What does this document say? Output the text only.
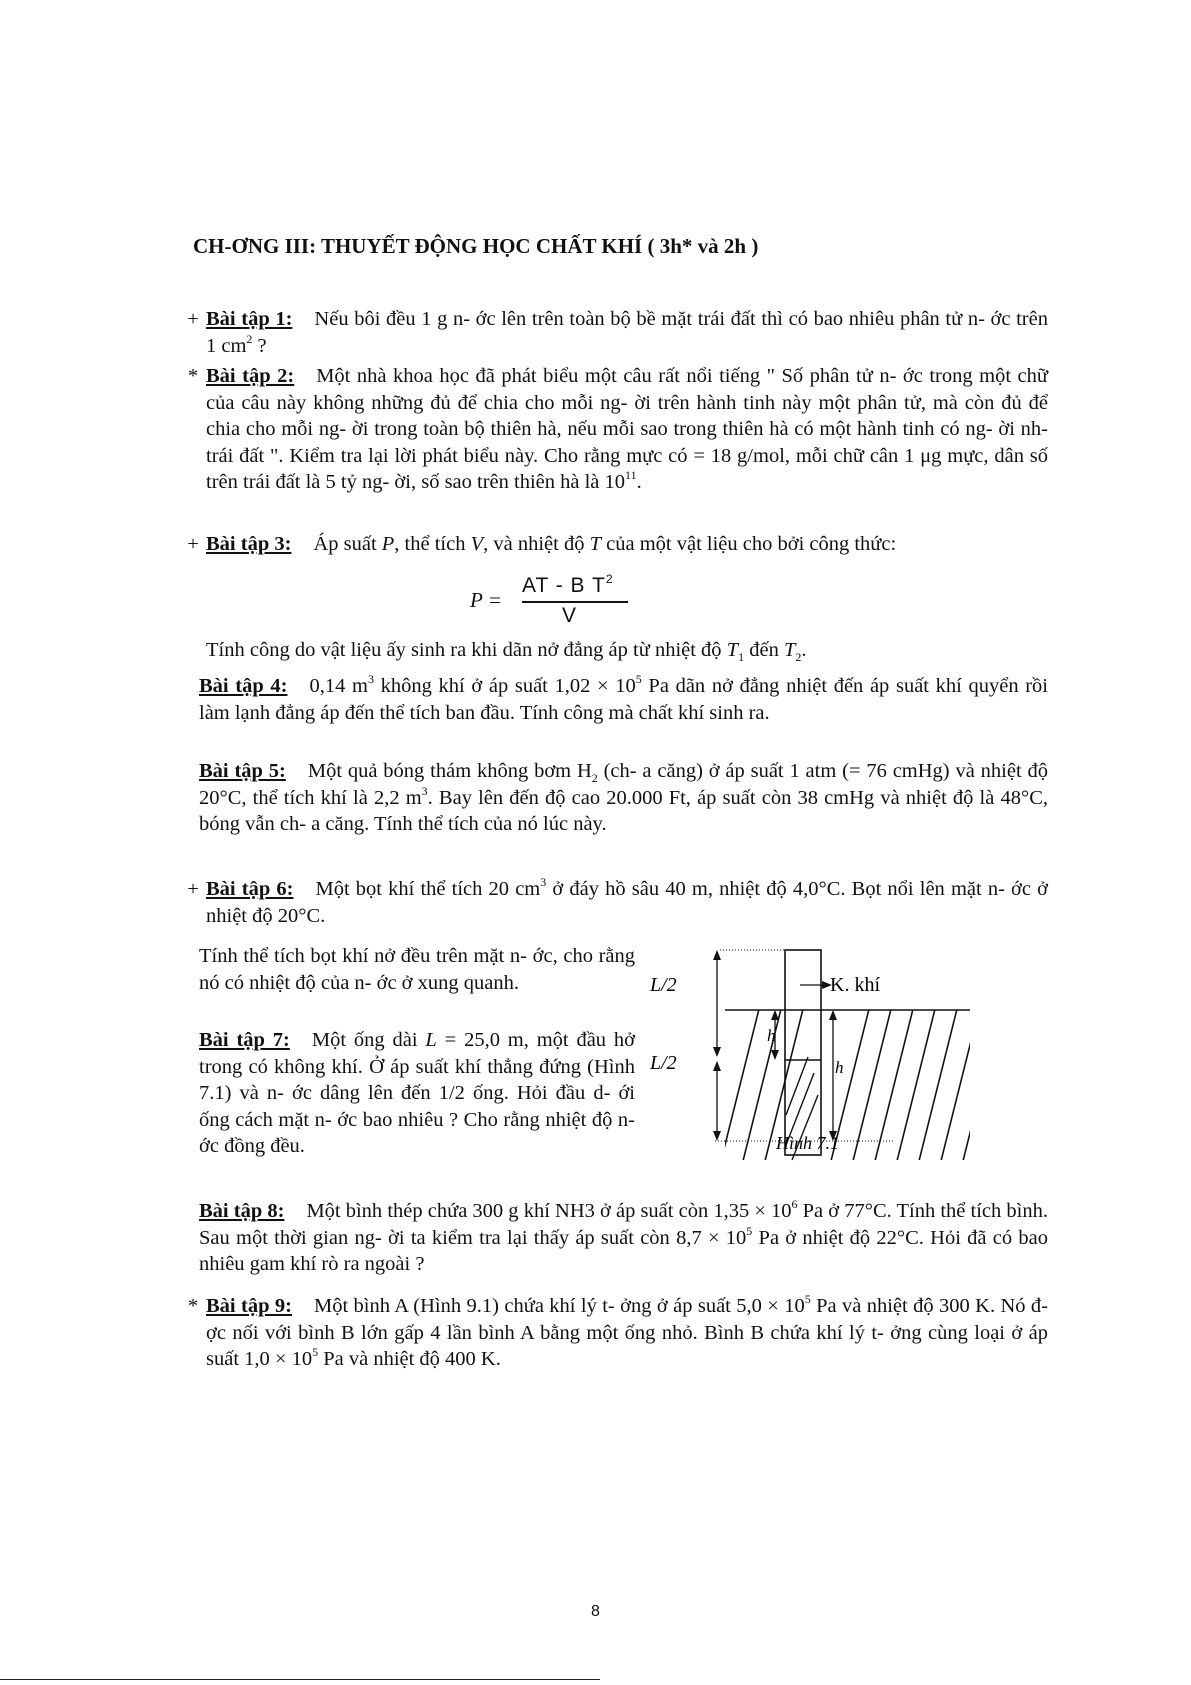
CH-ƠNG III: THUYẾT ĐỘNG HỌC CHẤT KHÍ ( 3h* và 2h )
+ Bài tập 1: Nếu bôi đều 1 g n- ớc lên trên toàn bộ bề mặt trái đất thì có bao nhiêu phân tử n- ớc trên 1 $cm^2$ ?
* Bài tập 2: Một nhà khoa học đã phát biểu một câu rất nổi tiếng " Số phân tử n- ớc trong một chữ của câu này không những đủ để chia cho mỗi ng- ời trên hành tinh này một phân tử, mà còn đủ để chia cho mỗi ng- ời trong toàn bộ thiên hà, nếu mỗi sao trong thiên hà có một hành tinh có ng- ời nh- trái đất ". Kiểm tra lại lời phát biểu này. Cho rằng mực có = 18 g/mol, mỗi chữ cân 1 μg mực, dân số trên trái đất là 5 tỷ ng- ời, số sao trên thiên hà là $10^{11}$.
+ Bài tập 3: Áp suất P, thể tích V, và nhiệt độ T của một vật liệu cho bởi công thức:
P =
AT - B $T^2$
V
Tính công do vật liệu ấy sinh ra khi dãn nở đẳng áp từ nhiệt độ $T_1$ đến $T_2$.
Bài tập 4: 0,14 $m^3$ không khí ở áp suất $1,02 \times 10^5$ Pa dãn nở đẳng nhiệt đến áp suất khí quyển rồi làm lạnh đẳng áp đến thể tích ban đầu. Tính công mà chất khí sinh ra.
Bài tập 5: Một quả bóng thám không bơm $H_2$ (ch- a căng) ở áp suất 1 atm (= 76 cmHg) và nhiệt độ 20°C, thể tích khí là 2,2 $m^3$. Bay lên đến độ cao 20.000 Ft, áp suất còn 38 cmHg và nhiệt độ là 48°C, bóng vẫn ch- a căng. Tính thể tích của nó lúc này.
+ Bài tập 6: Một bọt khí thể tích 20 $cm^3$ ở đáy hồ sâu 40 m, nhiệt độ 4,0°C. Bọt nổi lên mặt n- ớc ở nhiệt độ 20°C.
Tính thể tích bọt khí nở đều trên mặt n- ớc, cho rằng nó có nhiệt độ của n- ớc ở xung quanh.
Bài tập 7: Một ống dài L = 25,0 m, một đầu hở trong có không khí. Ở áp suất khí thẳng đứng (Hình 7.1) và n- ớc dâng lên đến 1/2 ống. Hỏi đầu d- ới ống cách mặt n- ớc bao nhiêu ? Cho rằng nhiệt độ n- ớc đồng đều.
L/2
L/2
K. khí
h
h
Hình 7.1
Bài tập 8: Một bình thép chứa 300 g khí NH3 ở áp suất còn $1,35 \times 10^6$ Pa ở 77°C. Tính thể tích bình. Sau một thời gian ng- ời ta kiểm tra lại thấy áp suất còn $8,7 \times 10^5$ Pa ở nhiệt độ 22°C. Hỏi đã có bao nhiêu gam khí rò ra ngoài ?
* Bài tập 9: Một bình A (Hình 9.1) chứa khí lý t- ởng ở áp suất $5,0 \times 10^5$ Pa và nhiệt độ 300 K. Nó đ- ợc nối với bình B lớn gấp 4 lần bình A bằng một ống nhỏ. Bình B chứa khí lý t- ởng cùng loại ở áp suất $1,0 \times 10^5$ Pa và nhiệt độ 400 K.
8
